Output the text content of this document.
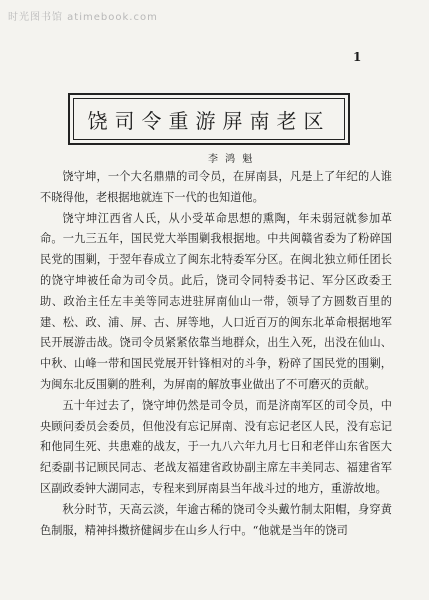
时光图书馆 atimebook.com
1
饶司令重游屏南老区
李 鸿 魁

饶守坤，一个大名鼎鼎的司令员，在屏南县，凡是上了年纪的人谁不晓得他，老根据地就连下一代的也知道他。

饶守坤江西省人氏，从小受革命思想的熏陶，年未弱冠就参加革命。一九三五年，国民党大举围剿我根据地。中共闽赣省委为了粉碎国民党的围剿，于翌年春成立了闽东北特委军分区。在闽北独立师任团长的饶守坤被任命为司令员。此后，饶司令同特委书记、军分区政委王助、政治主任左丰美等同志进驻屏南仙山一带，领导了方圆数百里的建、松、政、浦、屏、古、屏等地，人口近百万的闽东北革命根据地军民开展游击战。饶司令员紧紧依靠当地群众，出生入死，出没在仙山、中秋、山峰一带和国民党展开针锋相对的斗争，粉碎了国民党的围剿，为闽东北反围剿的胜利，为屏南的解放事业做出了不可磨灭的贡献。

五十年过去了，饶守坤仍然是司令员，而是济南军区的司令员，中央顾问委员会委员，但他没有忘记屏南、没有忘记老区人民，没有忘记和他同生死、共患难的战友，于一九八六年九月七日和老伴山东省医大纪委副书记顾民同志、老战友福建省政协副主席左丰美同志、福建省军区副政委钟大湖同志，专程来到屏南县当年战斗过的地方，重游故地。

秋分时节，天高云淡，年逾古稀的饶司令头戴竹制太阳帽，身穿黄色制服，精神抖擞挤健阔步在山乡人行中。“他就是当年的饶司
